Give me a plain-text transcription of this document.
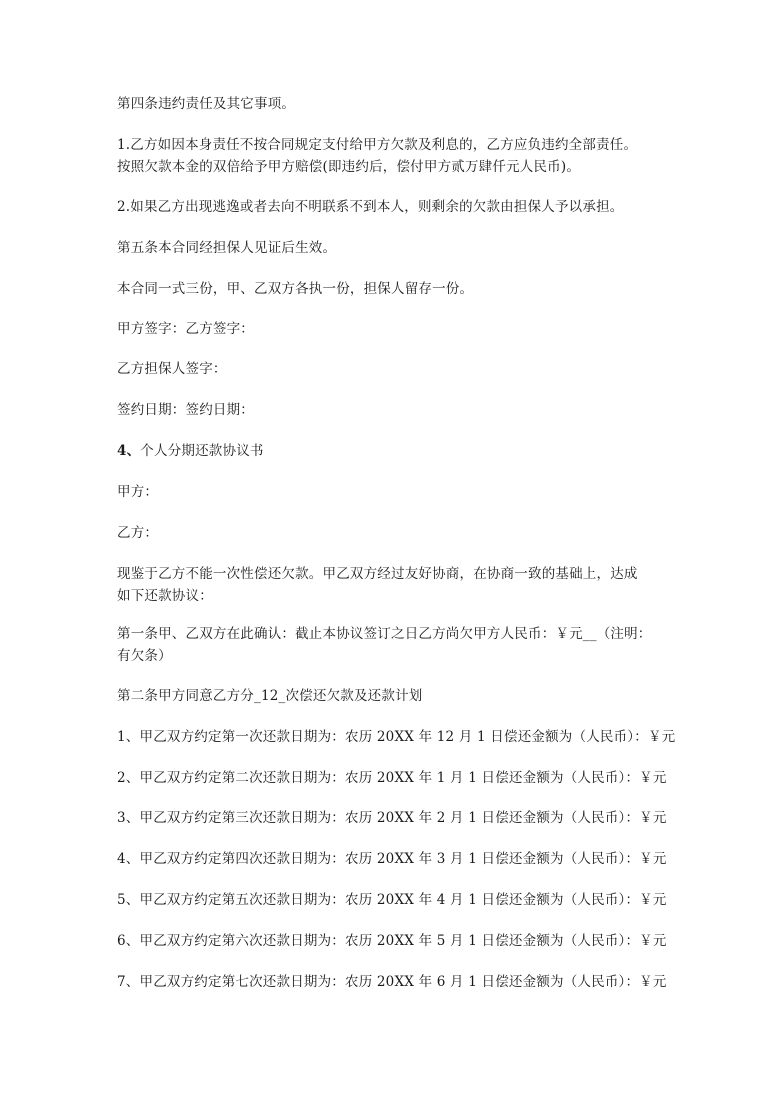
第四条违约责任及其它事项。
1.乙方如因本身责任不按合同规定支付给甲方欠款及利息的，乙方应负违约全部责任。
按照欠款本金的双倍给予甲方赔偿(即违约后，偿付甲方贰万肆仟元人民币)。
2.如果乙方出现逃逸或者去向不明联系不到本人，则剩余的欠款由担保人予以承担。
第五条本合同经担保人见证后生效。
本合同一式三份，甲、乙双方各执一份，担保人留存一份。
甲方签字：乙方签字：
乙方担保人签字：
签约日期：签约日期：
4、个人分期还款协议书
甲方：
乙方：
现鉴于乙方不能一次性偿还欠款。甲乙双方经过友好协商，在协商一致的基础上，达成
如下还款协议：
第一条甲、乙双方在此确认：截止本协议签订之日乙方尚欠甲方人民币：￥元__（注明：
有欠条）
第二条甲方同意乙方分_12_次偿还欠款及还款计划
1、甲乙双方约定第一次还款日期为：农历 20XX 年 12 月 1 日偿还金额为（人民币）：￥元
2、甲乙双方约定第二次还款日期为：农历 20XX 年 1 月 1 日偿还金额为（人民币）：￥元
3、甲乙双方约定第三次还款日期为：农历 20XX 年 2 月 1 日偿还金额为（人民币）：￥元
4、甲乙双方约定第四次还款日期为：农历 20XX 年 3 月 1 日偿还金额为（人民币）：￥元
5、甲乙双方约定第五次还款日期为：农历 20XX 年 4 月 1 日偿还金额为（人民币）：￥元
6、甲乙双方约定第六次还款日期为：农历 20XX 年 5 月 1 日偿还金额为（人民币）：￥元
7、甲乙双方约定第七次还款日期为：农历 20XX 年 6 月 1 日偿还金额为（人民币）：￥元
